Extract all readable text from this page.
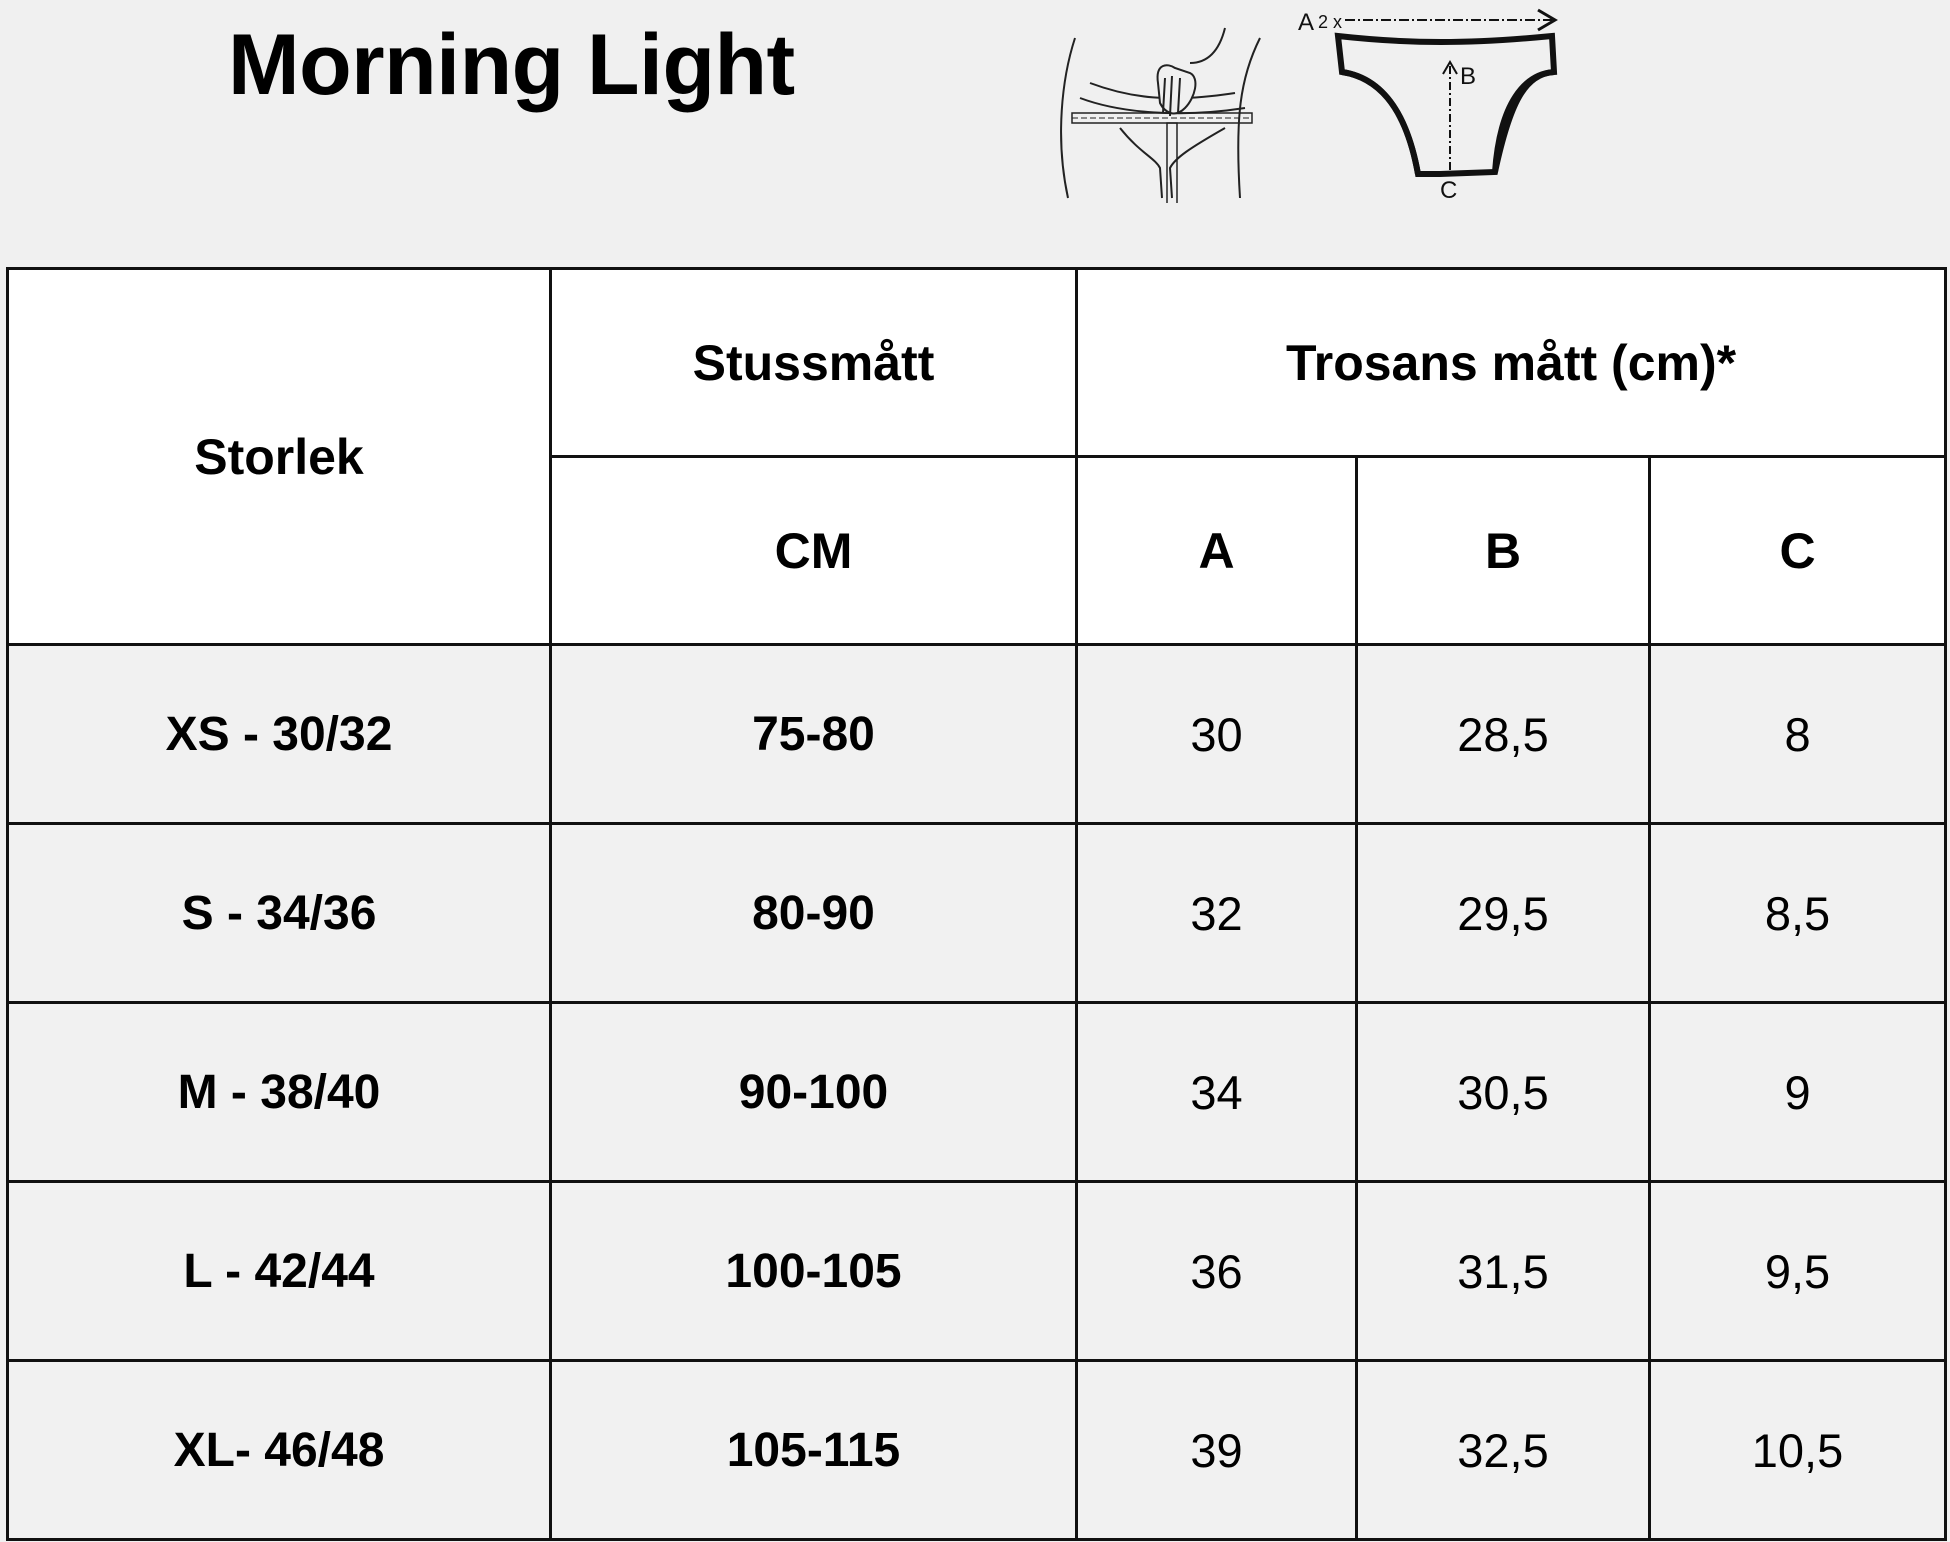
Morning Light	A 2 x
B
C
Storlek	Stussmått	Trosans mått (cm)*		
	CM	A	B	C
XS - 30/32	75-80	30	28,5	8
S - 34/36	80-90	32	29,5	8,5
M - 38/40	90-100	34	30,5	9
L - 42/44	100-105	36	31,5	9,5
XL- 46/48	105-115	39	32,5	10,5
